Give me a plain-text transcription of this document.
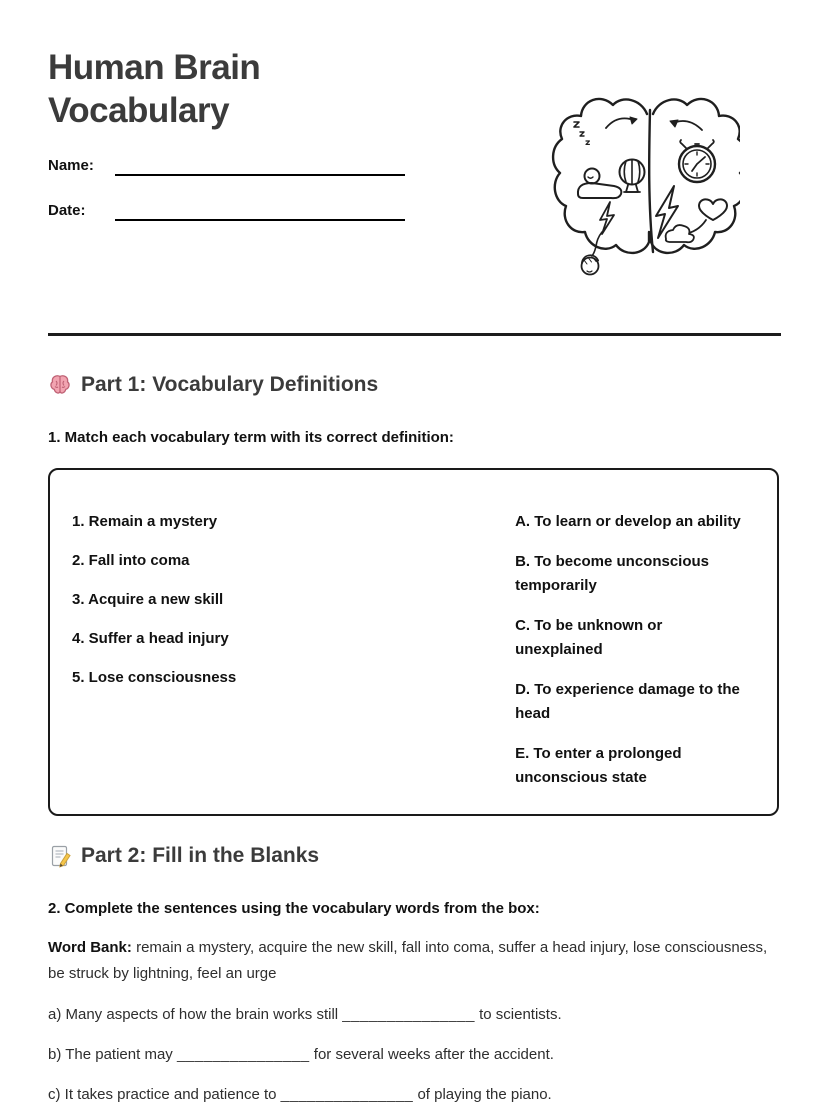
Human Brain
Vocabulary
Name:
Date:
Part 1: Vocabulary Definitions

1. Match each vocabulary term with its correct definition:

1. Remain a mystery

2. Fall into coma

3. Acquire a new skill

4. Suffer a head injury

5. Lose consciousness

A. To learn or develop an ability

B. To become unconscious temporarily

C. To be unknown or unexplained

D. To experience damage to the head

E. To enter a prolonged unconscious state

Part 2: Fill in the Blanks

2. Complete the sentences using the vocabulary words from the box:

Word Bank: remain a mystery, acquire the new skill, fall into coma, suffer a head injury, lose consciousness, be struck by lightning, feel an urge

a) Many aspects of how the brain works still _______________ to scientists.

b) The patient may _______________ for several weeks after the accident.

c) It takes practice and patience to _______________ of playing the piano.
